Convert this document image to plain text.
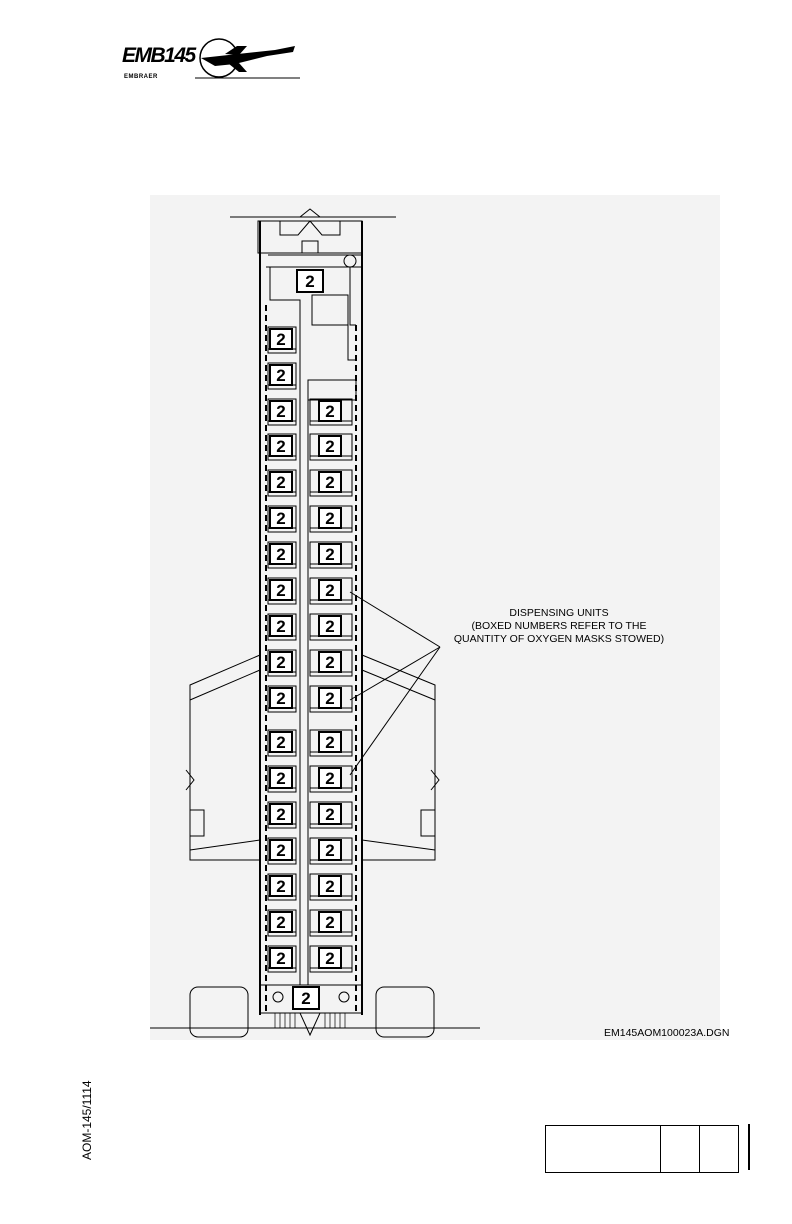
EMB145
EMBRAER
2
2
2
2
2
2
2
2
2
2
2
2
2
2
2
2
2
2
2
2
2
2
2
2
2
2
2
2
2
2
2
2
2
2
2
2
DISPENSING UNITS
(BOXED NUMBERS REFER TO THE
QUANTITY OF OXYGEN MASKS STOWED)
EM145AOM100023A.DGN
AOM-145/1114
